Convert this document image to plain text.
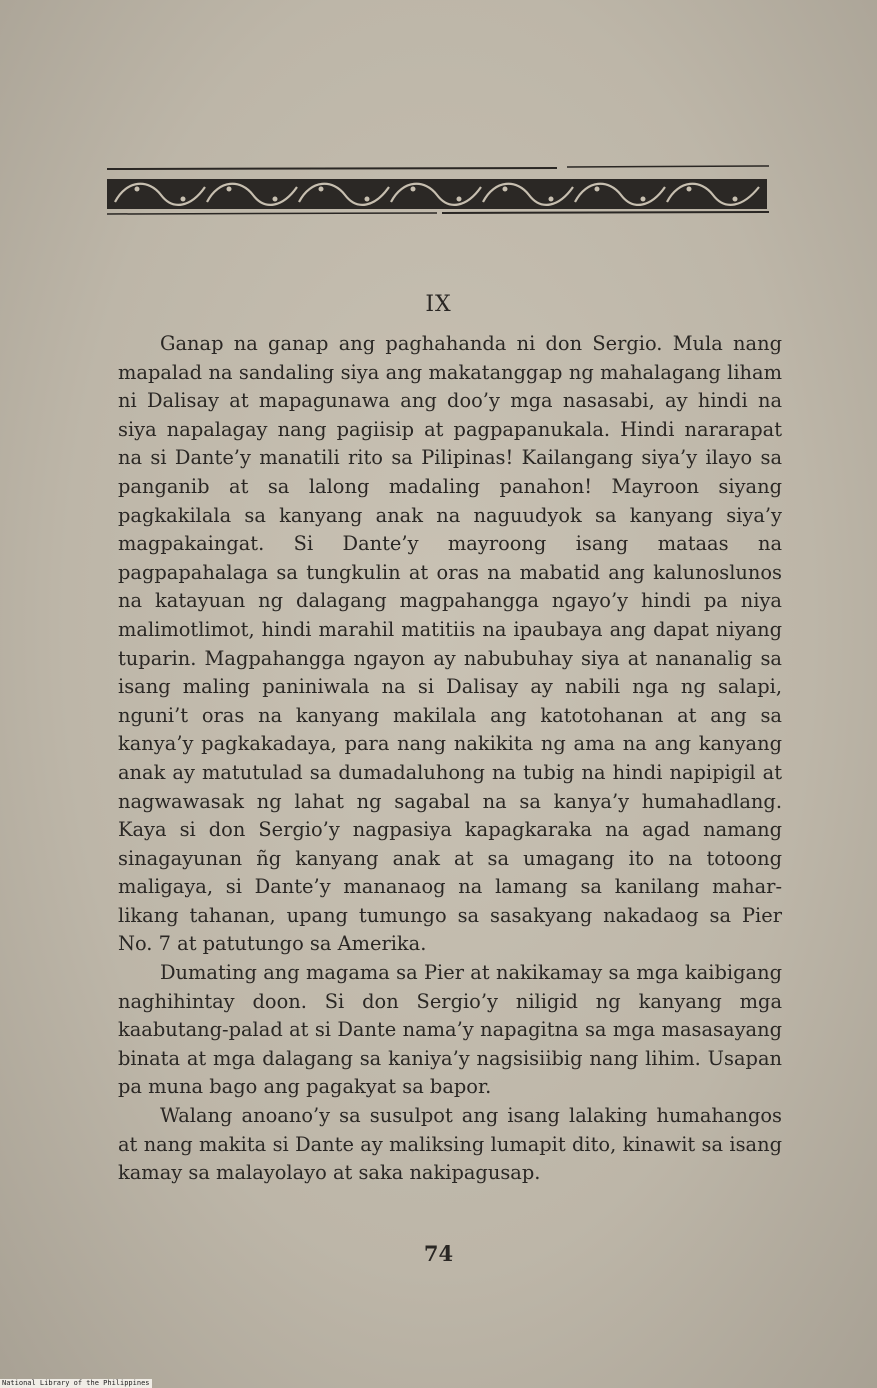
IX

Ganap na ganap ang paghahanda ni don Sergio. Mula nang mapalad na sandaling siya ang makatanggap ng mahalagang liham ni Dalisay at mapagunawa ang doo’y mga nasasabi, ay hindi na siya napalagay nang pagiisip at pagpapanukala. Hindi nararapat na si Dante’y manatili rito sa Pilipinas! Kailangang siya’y ilayo sa panganib at sa lalong madaling panahon! Mayroon siyang pagkakilala sa kanyang anak na naguudyok sa kanyang siya’y magpakaingat. Si Dante’y mayroong isang mataas na pagpapahalaga sa tungkulin at oras na mabatid ang kalunoslunos na katayuan ng dalagang magpahangga ngayo’y hindi pa niya malimotlimot, hindi marahil matitiis na ipaubaya ang dapat niyang tuparin. Magpahangga ngayon ay nabubuhay siya at nananalig sa isang maling paniniwala na si Dalisay ay nabili nga ng salapi, nguni’t oras na kanyang makilala ang katotohanan at ang sa kanya’y pagkakadaya, para nang nakikita ng ama na ang kanyang anak ay matutulad sa dumadaluhong na tubig na hindi napipigil at nagwawasak ng lahat ng sagabal na sa kanya’y humahadlang. Kaya si don Sergio’y nagpasiya kapagkaraka na agad namang sinagayunan ñg kanyang anak at sa umagang ito na totoong maligaya, si Dante’y mananaog na lamang sa kanilang maharlikang tahanan, upang tumungo sa sasakyang nakadaog sa Pier No. 7 at patutungo sa Amerika.

Dumating ang magama sa Pier at nakikamay sa mga kaibigang naghihintay doon. Si don Sergio’y niligid ng kanyang mga kaabutang-palad at si Dante nama’y napagitna sa mga masasayang binata at mga dalagang sa kaniya’y nagsisiibig nang lihim. Usapan pa muna bago ang pagakyat sa bapor.

Walang anoano’y sa susulpot ang isang lalaking humahangos at nang makita si Dante ay maliksing lumapit dito, kinawit sa isang kamay sa malayolayo at saka nakipagusap.

74
National Library of the Philippines
